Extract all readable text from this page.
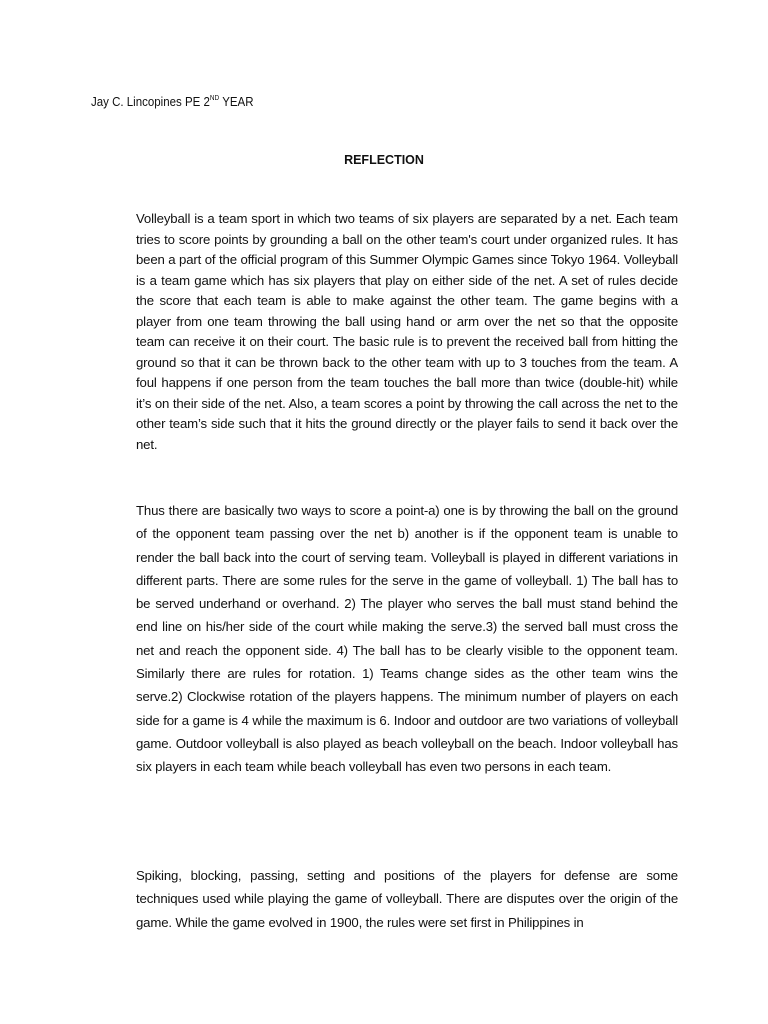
Jay C. Lincopines PE 2ND YEAR
REFLECTION

Volleyball is a team sport in which two teams of six players are separated by a net. Each team tries to score points by grounding a ball on the other team's court under organized rules. It has been a part of the official program of this Summer Olympic Games since Tokyo 1964. Volleyball is a team game which has six players that play on either side of the net. A set of rules decide the score that each team is able to make against the other team. The game begins with a player from one team throwing the ball using hand or arm over the net so that the opposite team can receive it on their court. The basic rule is to prevent the received ball from hitting the ground so that it can be thrown back to the other team with up to 3 touches from the team. A foul happens if one person from the team touches the ball more than twice (double-hit) while it’s on their side of the net. Also, a team scores a point by throwing the call across the net to the other team’s side such that it hits the ground directly or the player fails to send it back over the net.

Thus there are basically two ways to score a point-a) one is by throwing the ball on the ground of the opponent team passing over the net b) another is if the opponent team is unable to render the ball back into the court of serving team. Volleyball is played in different variations in different parts. There are some rules for the serve in the game of volleyball. 1) The ball has to be served underhand or overhand. 2) The player who serves the ball must stand behind the end line on his/her side of the court while making the serve.3) the served ball must cross the net and reach the opponent side. 4) The ball has to be clearly visible to the opponent team. Similarly there are rules for rotation. 1) Teams change sides as the other team wins the serve.2) Clockwise rotation of the players happens. The minimum number of players on each side for a game is 4 while the maximum is 6. Indoor and outdoor are two variations of volleyball game. Outdoor volleyball is also played as beach volleyball on the beach. Indoor volleyball has six players in each team while beach volleyball has even two persons in each team.

Spiking, blocking, passing, setting and positions of the players for defense are some techniques used while playing the game of volleyball. There are disputes over the origin of the game. While the game evolved in 1900, the rules were set first in Philippines in
